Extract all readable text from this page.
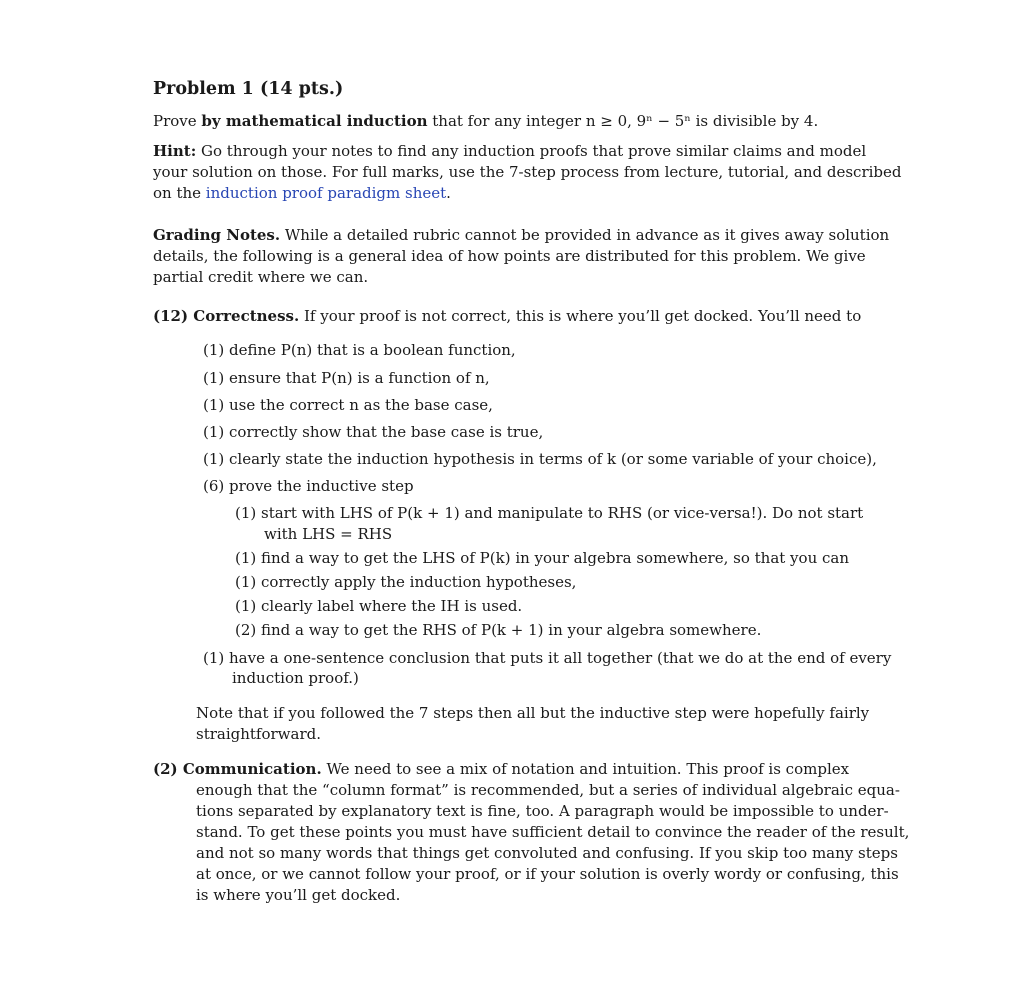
Problem 1 (14 pts.)
Prove by mathematical induction that for any integer n ≥ 0, 9ⁿ − 5ⁿ is divisible by 4.
Hint: Go through your notes to find any induction proofs that prove similar claims and model
your solution on those. For full marks, use the 7-step process from lecture, tutorial, and described
on the induction proof paradigm sheet.
Grading Notes. While a detailed rubric cannot be provided in advance as it gives away solution
details, the following is a general idea of how points are distributed for this problem. We give
partial credit where we can.
(12) Correctness. If your proof is not correct, this is where you’ll get docked. You’ll need to
(1) define P(n) that is a boolean function,
(1) ensure that P(n) is a function of n,
(1) use the correct n as the base case,
(1) correctly show that the base case is true,
(1) clearly state the induction hypothesis in terms of k (or some variable of your choice),
(6) prove the inductive step
(1) start with LHS of P(k + 1) and manipulate to RHS (or vice-versa!). Do not start
with LHS = RHS
(1) find a way to get the LHS of P(k) in your algebra somewhere, so that you can
(1) correctly apply the induction hypotheses,
(1) clearly label where the IH is used.
(2) find a way to get the RHS of P(k + 1) in your algebra somewhere.
(1) have a one-sentence conclusion that puts it all together (that we do at the end of every
induction proof.)
Note that if you followed the 7 steps then all but the inductive step were hopefully fairly
straightforward.
(2) Communication. We need to see a mix of notation and intuition. This proof is complex
enough that the “column format” is recommended, but a series of individual algebraic equa-
tions separated by explanatory text is fine, too. A paragraph would be impossible to under-
stand. To get these points you must have sufficient detail to convince the reader of the result,
and not so many words that things get convoluted and confusing. If you skip too many steps
at once, or we cannot follow your proof, or if your solution is overly wordy or confusing, this
is where you’ll get docked.
